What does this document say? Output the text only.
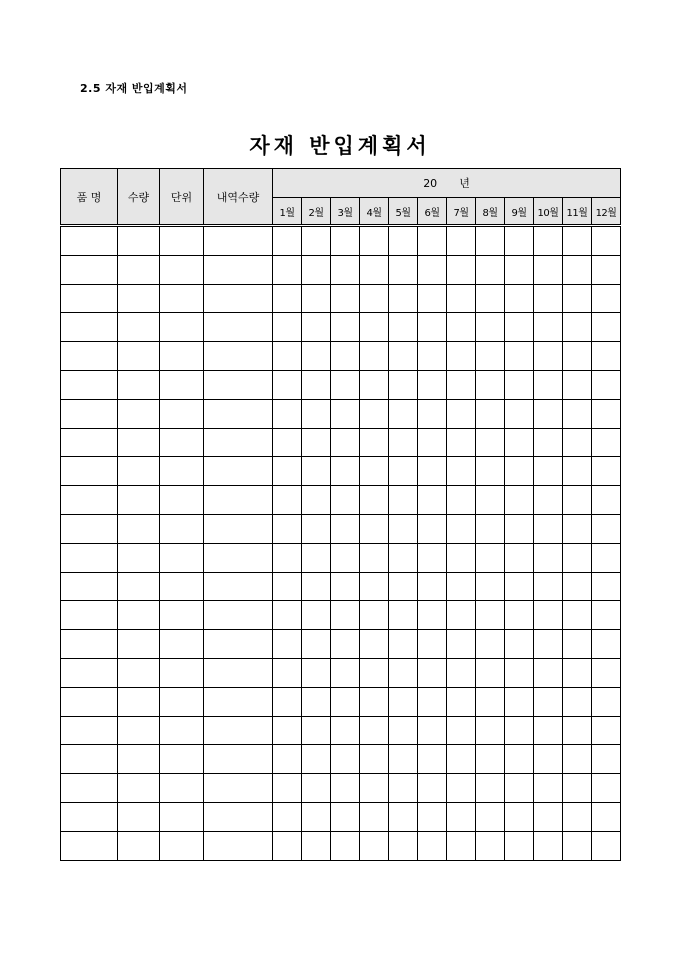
2.5 자재 반입계획서
자재 반입계획서
품 명	수량	단위	내역수량	20 년											
				1월	2월	3월	4월	5월	6월	7월	8월	9월	10월	11월	12월
